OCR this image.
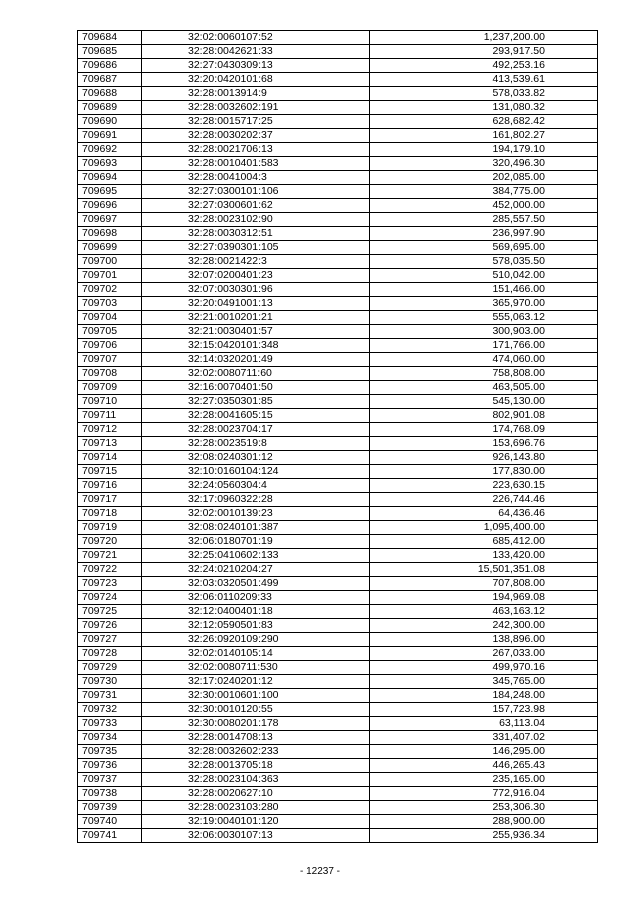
709684	32:02:0060107:52	1,237,200.00
709685	32:28:0042621:33	293,917.50
709686	32:27:0430309:13	492,253.16
709687	32:20:0420101:68	413,539.61
709688	32:28:0013914:9	578,033.82
709689	32:28:0032602:191	131,080.32
709690	32:28:0015717:25	628,682.42
709691	32:28:0030202:37	161,802.27
709692	32:28:0021706:13	194,179.10
709693	32:28:0010401:583	320,496.30
709694	32:28:0041004:3	202,085.00
709695	32:27:0300101:106	384,775.00
709696	32:27:0300601:62	452,000.00
709697	32:28:0023102:90	285,557.50
709698	32:28:0030312:51	236,997.90
709699	32:27:0390301:105	569,695.00
709700	32:28:0021422:3	578,035.50
709701	32:07:0200401:23	510,042.00
709702	32:07:0030301:96	151,466.00
709703	32:20:0491001:13	365,970.00
709704	32:21:0010201:21	555,063.12
709705	32:21:0030401:57	300,903.00
709706	32:15:0420101:348	171,766.00
709707	32:14:0320201:49	474,060.00
709708	32:02:0080711:60	758,808.00
709709	32:16:0070401:50	463,505.00
709710	32:27:0350301:85	545,130.00
709711	32:28:0041605:15	802,901.08
709712	32:28:0023704:17	174,768.09
709713	32:28:0023519:8	153,696.76
709714	32:08:0240301:12	926,143.80
709715	32:10:0160104:124	177,830.00
709716	32:24:0560304:4	223,630.15
709717	32:17:0960322:28	226,744.46
709718	32:02:0010139:23	64,436.46
709719	32:08:0240101:387	1,095,400.00
709720	32:06:0180701:19	685,412.00
709721	32:25:0410602:133	133,420.00
709722	32:24:0210204:27	15,501,351.08
709723	32:03:0320501:499	707,808.00
709724	32:06:0110209:33	194,969.08
709725	32:12:0400401:18	463,163.12
709726	32:12:0590501:83	242,300.00
709727	32:26:0920109:290	138,896.00
709728	32:02:0140105:14	267,033.00
709729	32:02:0080711:530	499,970.16
709730	32:17:0240201:12	345,765.00
709731	32:30:0010601:100	184,248.00
709732	32:30:0010120:55	157,723.98
709733	32:30:0080201:178	63,113.04
709734	32:28:0014708:13	331,407.02
709735	32:28:0032602:233	146,295.00
709736	32:28:0013705:18	446,265.43
709737	32:28:0023104:363	235,165.00
709738	32:28:0020627:10	772,916.04
709739	32:28:0023103:280	253,306.30
709740	32:19:0040101:120	288,900.00
709741	32:06:0030107:13	255,936.34
- 12237 -
